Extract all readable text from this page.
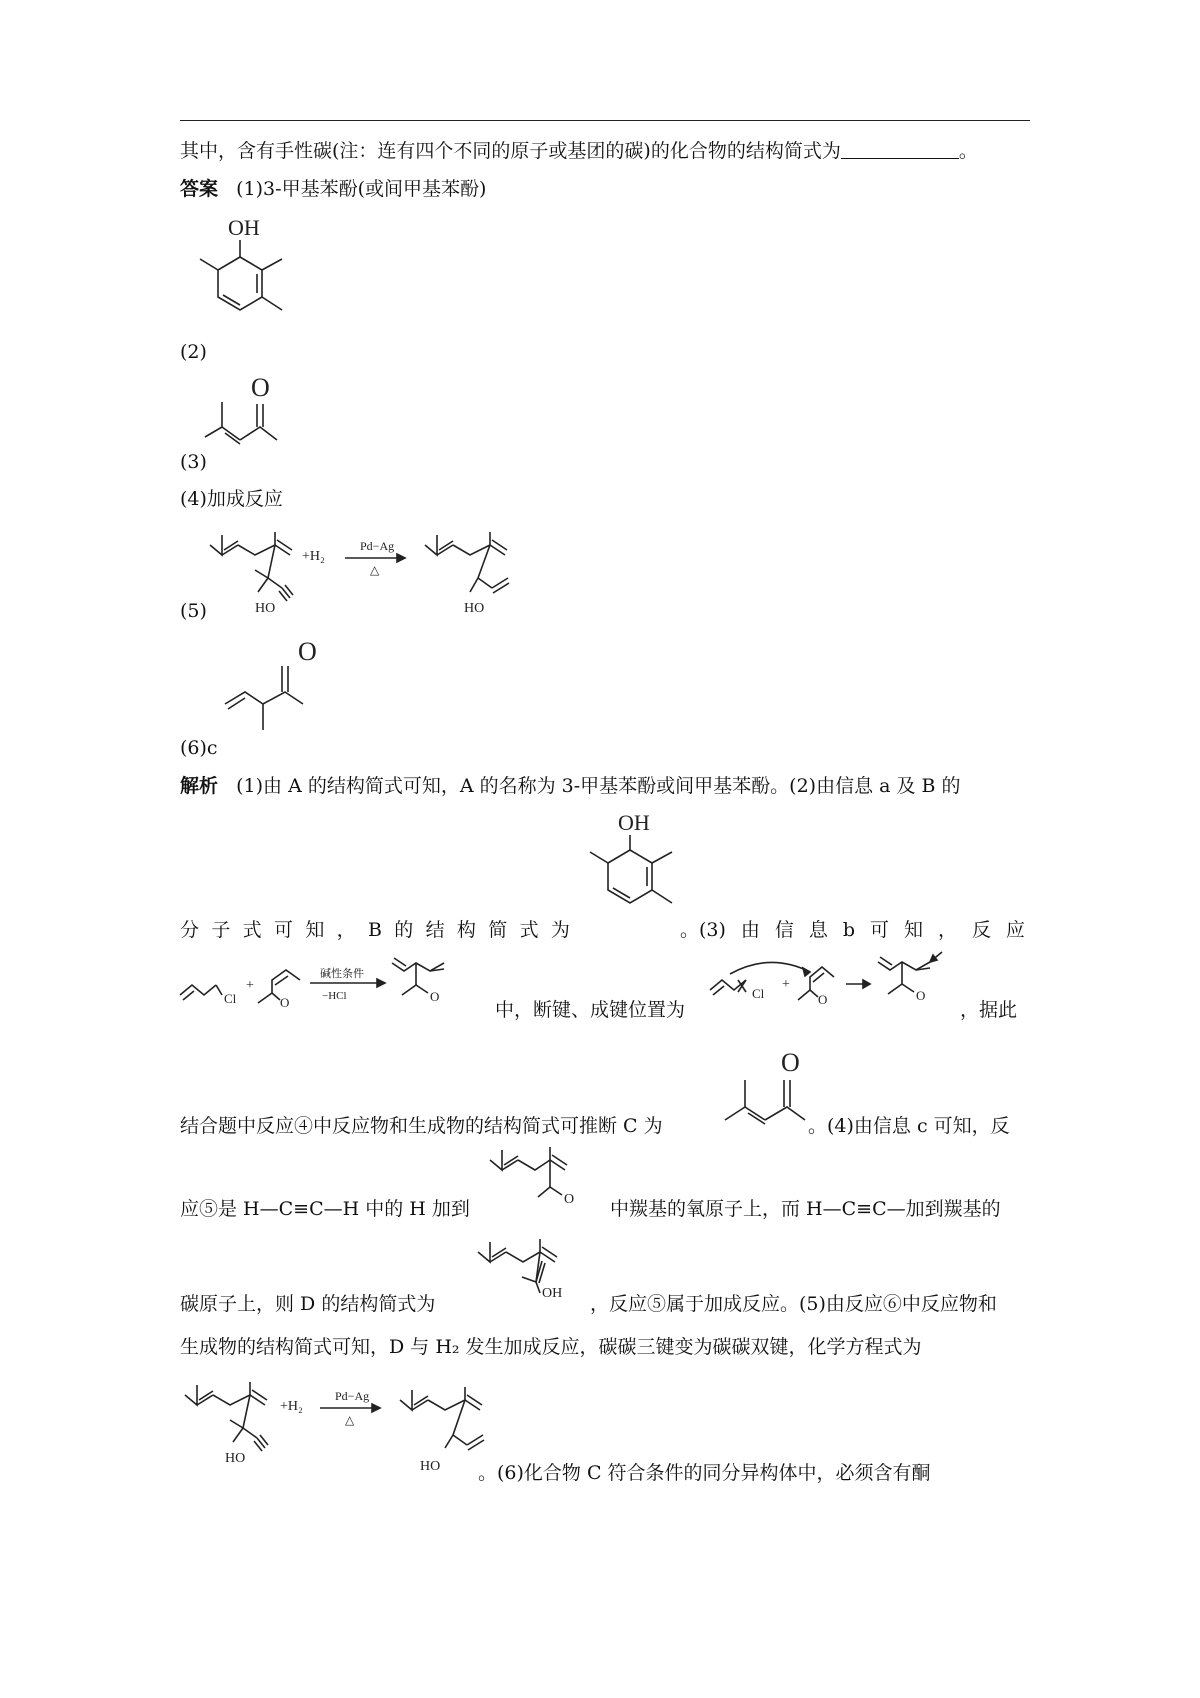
其中，含有手性碳(注：连有四个不同的原子或基团的碳)的化合物的结构简式为	。
答案 (1)3-甲基苯酚(或间甲基苯酚)
(2)
OH
(3)
O
(4)加成反应
(5)	HO
+H₂
Pd−Ag
△
HO
(6)c
O
解析 (1)由 A 的结构简式可知，A 的名称为 3-甲基苯酚或间甲基苯酚。(2)由信息 a 及 B 的
OH
分 子 式 可 知 ， B 的 结 构 简 式 为	。(3) 由 信 息 b 可 知 ， 反 应
Cl
+
O
碱性条件
−HCl	O
中，断键、成键位置为
Cl
+
O	O
，据此
结合题中反应④中反应物和生成物的结构简式可推断 C 为
O
。(4)由信息 c 可知，反
应⑤是 H—C≡C—H 中的 H 加到	O 中羰基的氧原子上，而 H—C≡C—加到羰基的
碳原子上，则 D 的结构简式为	OH ，反应⑤属于加成反应。(5)由反应⑥中反应物和
生成物的结构简式可知，D 与 H₂ 发生加成反应，碳碳三键变为碳碳双键，化学方程式为
HO
+H₂
Pd−Ag
△
HO 。(6)化合物 C 符合条件的同分异构体中，必须含有酮
